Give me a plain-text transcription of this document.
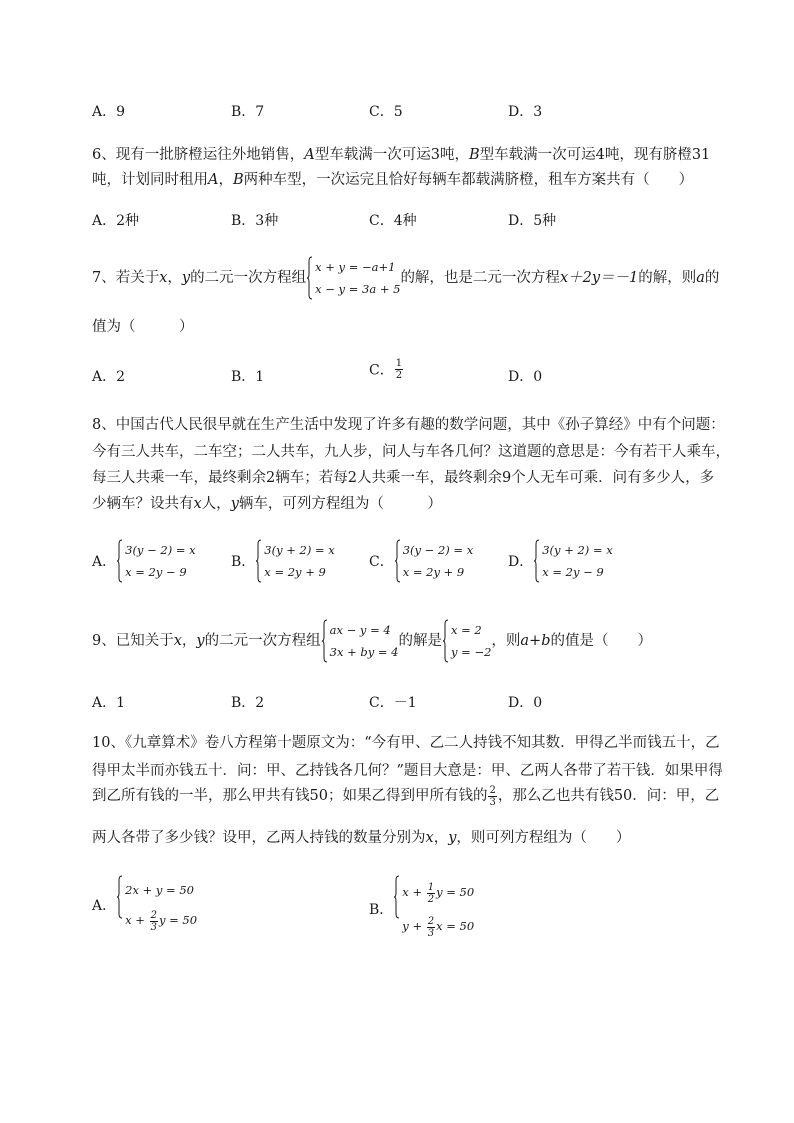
A．9	B．7	C．5	D．3
6、现有一批脐橙运往外地销售，A型车载满一次可运3吨，B型车载满一次可运4吨，现有脐橙31
吨，计划同时租用A，B两种车型，一次运完且恰好每辆车都载满脐橙，租车方案共有（　　）
A．2种	B．3种	C．4种	D．5种
7、若关于x，y的二元一次方程组
x + y = −a+1
x − y = 3a + 5
的解，也是二元一次方程x＋2y＝－1的解，则a的
值为（　　　）
A．2	B．1	C． $\frac{1}{2}$	D．0
8、中国古代人民很早就在生产生活中发现了许多有趣的数学问题，其中《孙子算经》中有个问题：
今有三人共车，二车空；二人共车，九人步，问人与车各几何？这道题的意思是：今有若干人乘车，
每三人共乘一车，最终剩余2辆车；若每2人共乘一车，最终剩余9个人无车可乘．问有多少人，多
少辆车？设共有x人，y辆车，可列方程组为（　　　）
A．
3(y − 2) = x
x = 2y − 9
B．
3(y + 2) = x
x = 2y + 9
C．
3(y − 2) = x
x = 2y + 9
D．
3(y + 2) = x
x = 2y − 9
9、已知关于x，y的二元一次方程组
ax − y = 4
3x + by = 4
的解是
x = 2
y = −2
，则a+b的值是（　　）
A．1	B．2	C．－1	D．0
10、《九章算术》卷八方程第十题原文为：“今有甲、乙二人持钱不知其数．甲得乙半而钱五十，乙
得甲太半而亦钱五十．问：甲、乙持钱各几何？”题目大意是：甲、乙两人各带了若干钱．如果甲得
到乙所有钱的一半，那么甲共有钱50；如果乙得到甲所有钱的 $\frac{2}{3}$ ，那么乙也共有钱50．问：甲，乙
两人各带了多少钱？设甲，乙两人持钱的数量分别为x，y，则可列方程组为（　　）
A．
2x + y = 50
$x + \frac{2}{3}$ y = 50
B．
$x + \frac{1}{2}$ y = 50
$y + \frac{2}{3}$ x = 50
